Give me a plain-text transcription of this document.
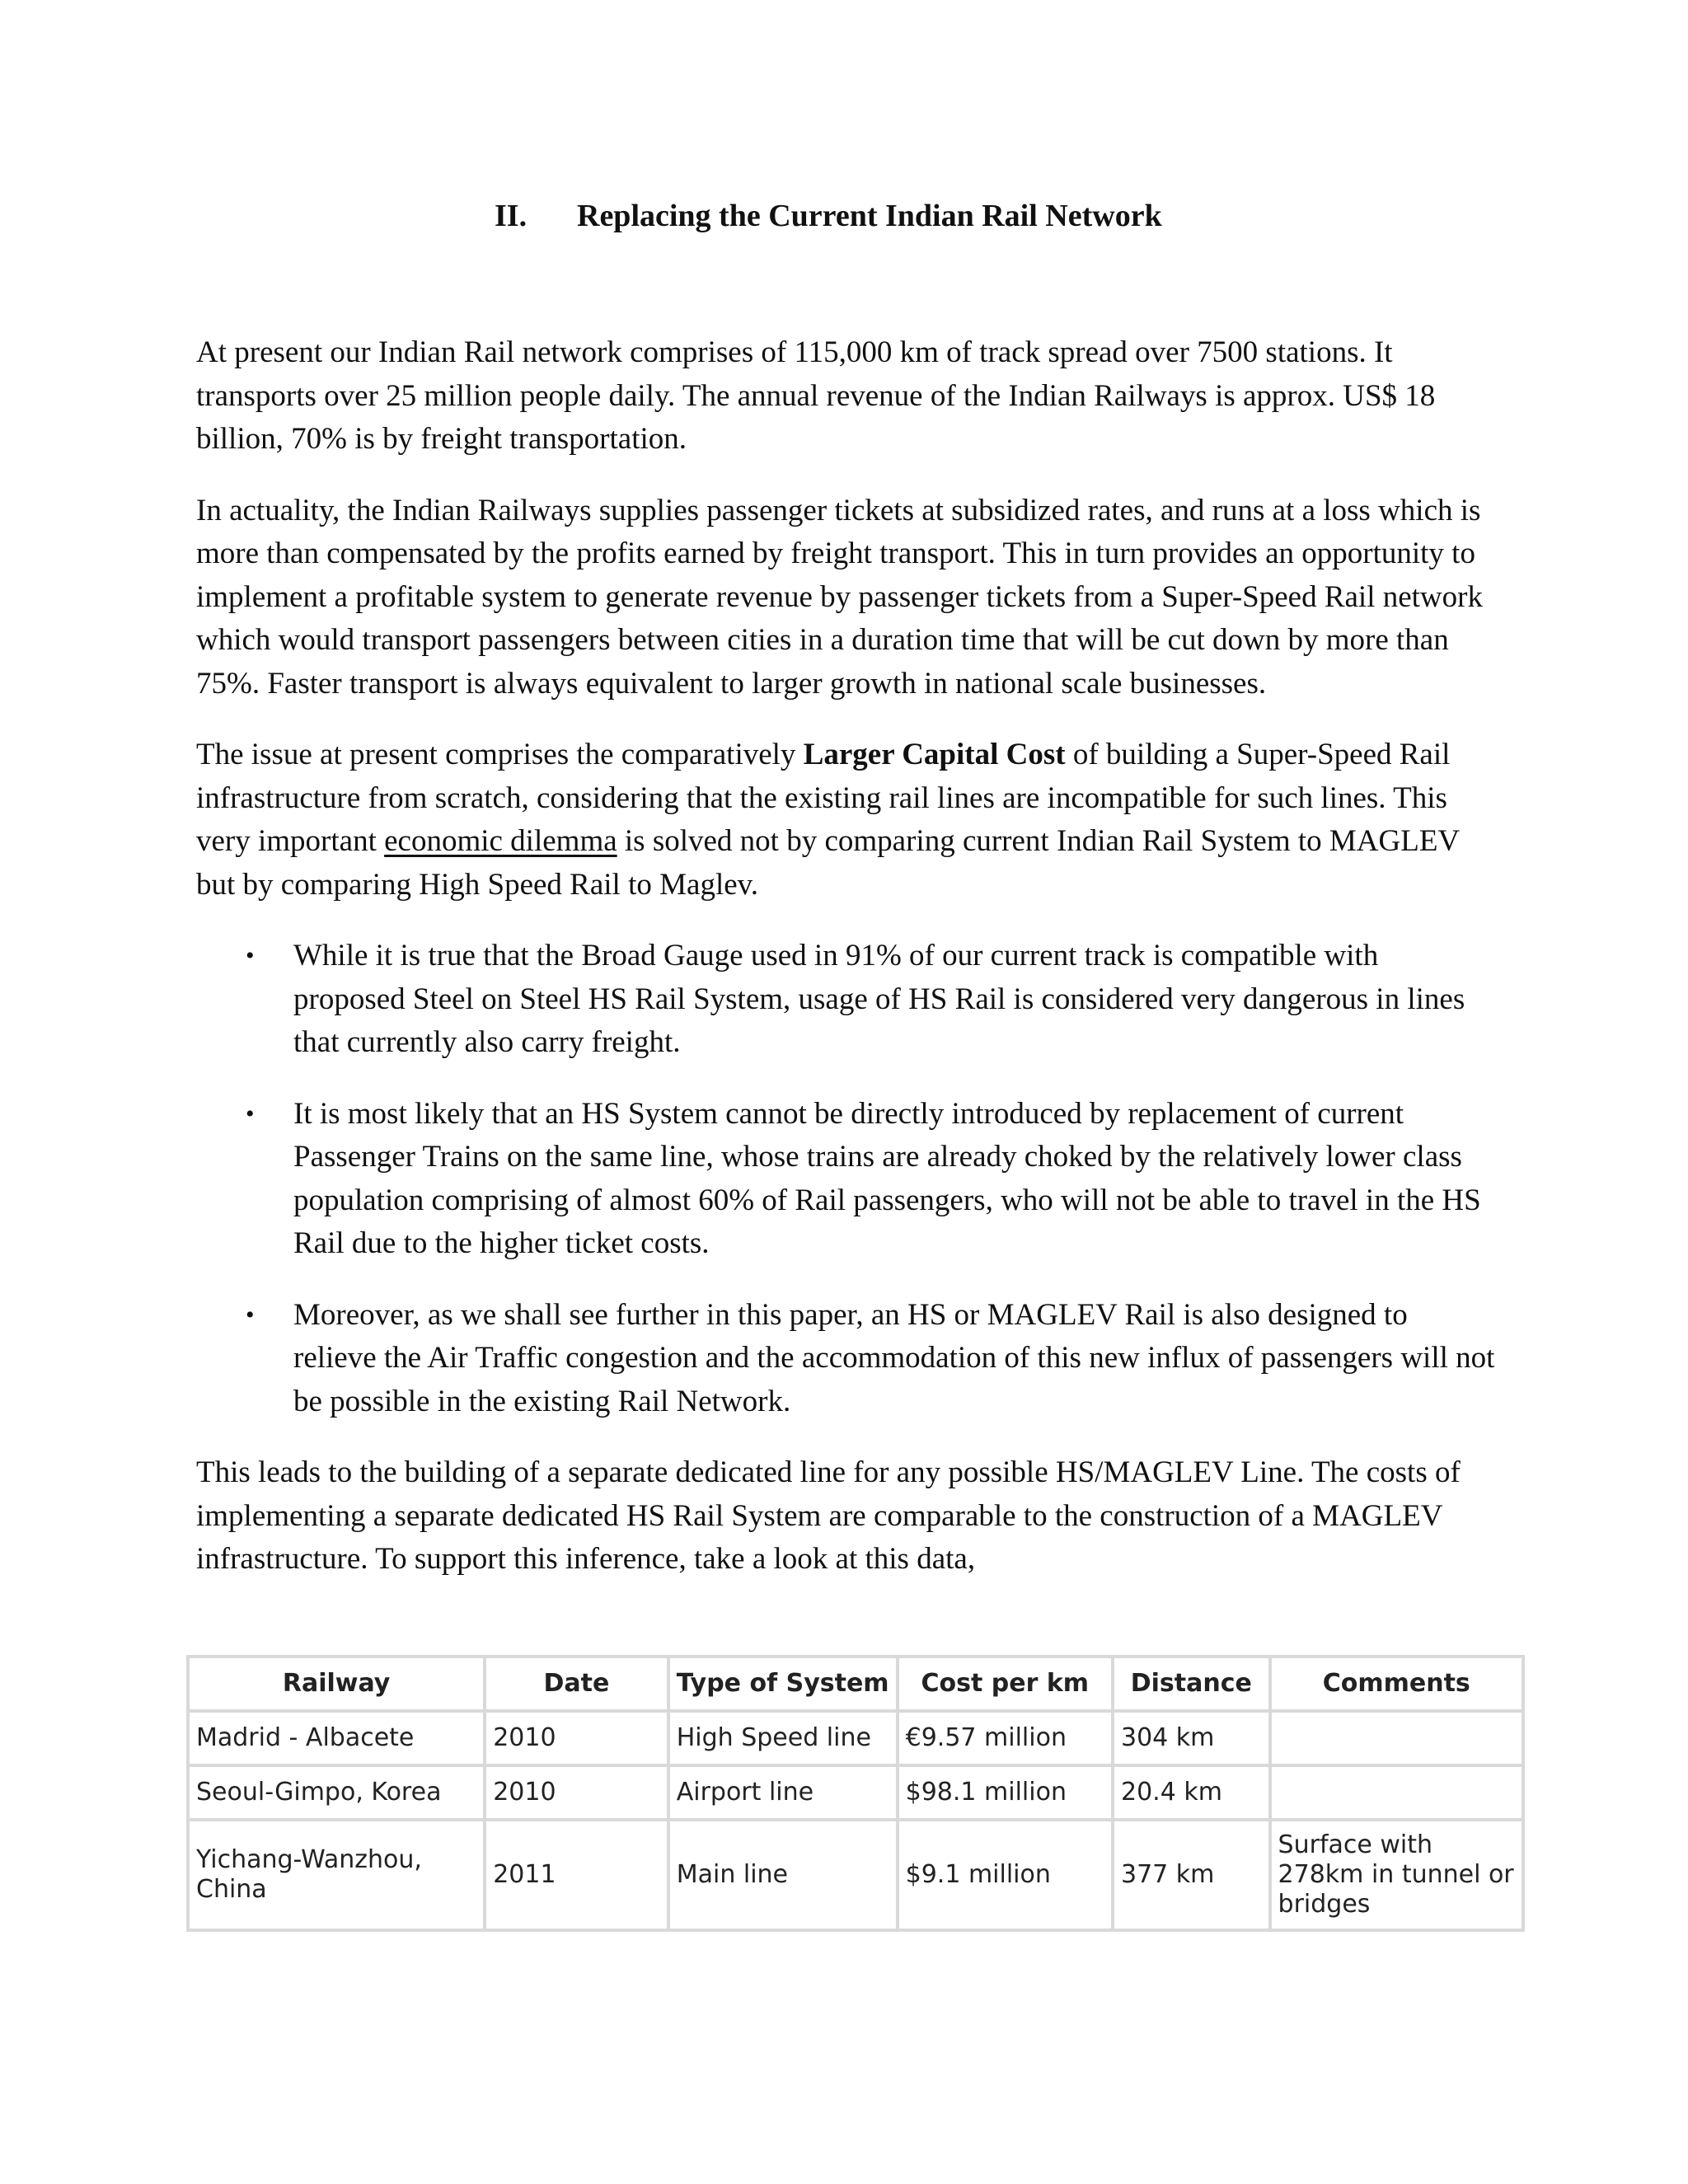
II. Replacing the Current Indian Rail Network

At present our Indian Rail network comprises of 115,000 km of track spread over 7500 stations. It transports over 25 million people daily. The annual revenue of the Indian Railways is approx. US$ 18 billion, 70% is by freight transportation.

In actuality, the Indian Railways supplies passenger tickets at subsidized rates, and runs at a loss which is more than compensated by the profits earned by freight transport. This in turn provides an opportunity to implement a profitable system to generate revenue by passenger tickets from a Super-Speed Rail network which would transport passengers between cities in a duration time that will be cut down by more than 75%. Faster transport is always equivalent to larger growth in national scale businesses.

The issue at present comprises the comparatively Larger Capital Cost of building a Super-Speed Rail infrastructure from scratch, considering that the existing rail lines are incompatible for such lines. This very important economic dilemma is solved not by comparing current Indian Rail System to MAGLEV but by comparing High Speed Rail to Maglev.

• While it is true that the Broad Gauge used in 91% of our current track is compatible with proposed Steel on Steel HS Rail System, usage of HS Rail is considered very dangerous in lines that currently also carry freight.
• It is most likely that an HS System cannot be directly introduced by replacement of current Passenger Trains on the same line, whose trains are already choked by the relatively lower class population comprising of almost 60% of Rail passengers, who will not be able to travel in the HS Rail due to the higher ticket costs.
• Moreover, as we shall see further in this paper, an HS or MAGLEV Rail is also designed to relieve the Air Traffic congestion and the accommodation of this new influx of passengers will not be possible in the existing Rail Network.

This leads to the building of a separate dedicated line for any possible HS/MAGLEV Line. The costs of implementing a separate dedicated HS Rail System are comparable to the construction of a MAGLEV infrastructure. To support this inference, take a look at this data,

Railway	Date	Type of System	Cost per km	Distance	Comments
Madrid - Albacete	2010	High Speed line	€9.57 million	304 km	
Seoul-Gimpo, Korea	2010	Airport line	$98.1 million	20.4 km	
Yichang-Wanzhou, China	2011	Main line	$9.1 million	377 km	Surface with 278km in tunnel or bridges
